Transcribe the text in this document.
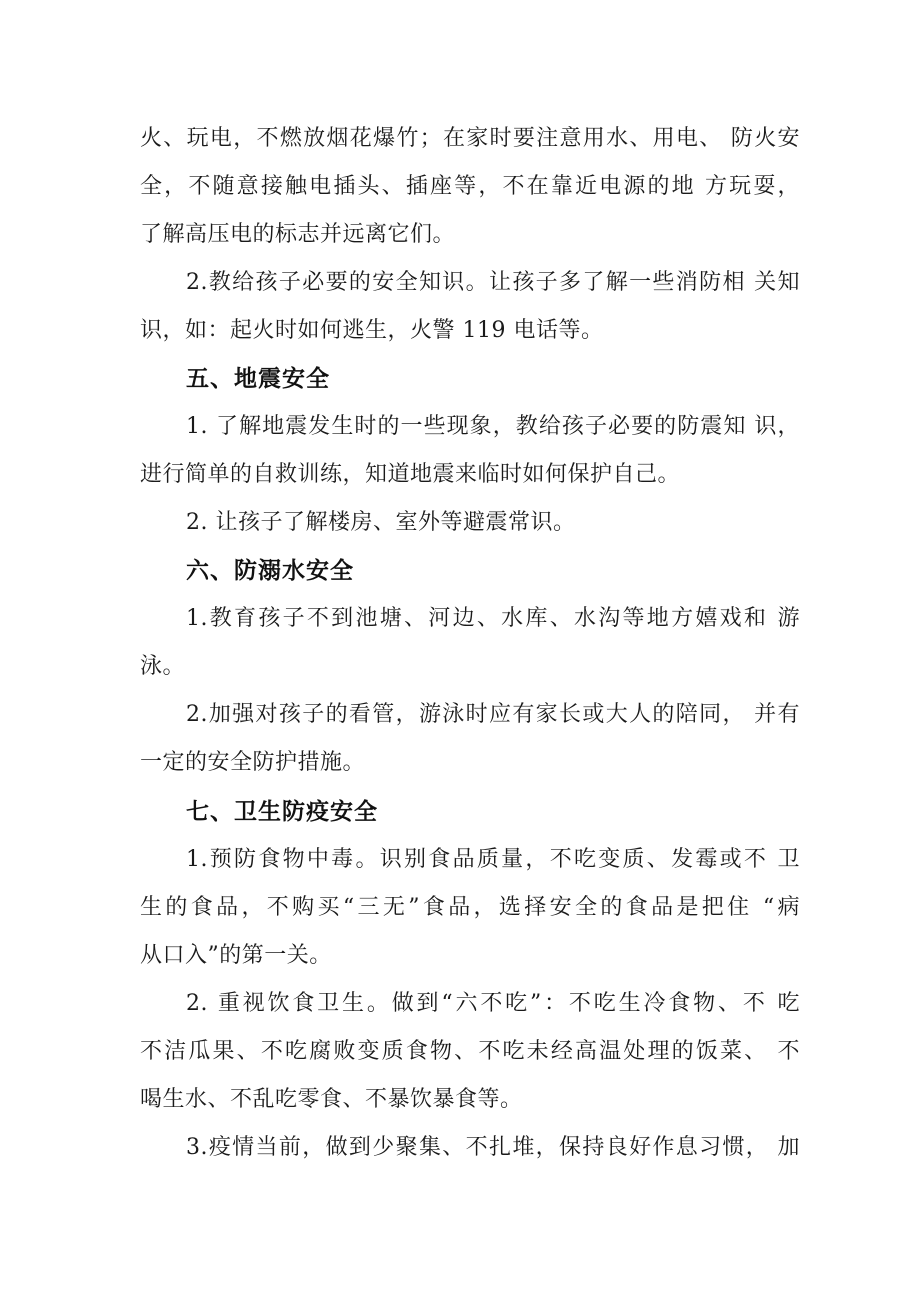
火、玩电，不燃放烟花爆竹；在家时要注意用水、用电、 防火安
全，不随意接触电插头、插座等，不在靠近电源的地 方玩耍，
了解高压电的标志并远离它们。
2.教给孩子必要的安全知识。让孩子多了解一些消防相 关知
识，如：起火时如何逃生，火警 119 电话等。
五、地震安全
1. 了解地震发生时的一些现象，教给孩子必要的防震知 识，
进行简单的自救训练，知道地震来临时如何保护自己。
2. 让孩子了解楼房、室外等避震常识。
六、防溺水安全
1.教育孩子不到池塘、河边、水库、水沟等地方嬉戏和 游
泳。
2.加强对孩子的看管，游泳时应有家长或大人的陪同， 并有
一定的安全防护措施。
七、卫生防疫安全
1.预防食物中毒。识别食品质量，不吃变质、发霉或不 卫
生的食品，不购买“三无”食品，选择安全的食品是把住 “病
从口入”的第一关。
2. 重视饮食卫生。做到“六不吃”：不吃生冷食物、不 吃
不洁瓜果、不吃腐败变质食物、不吃未经高温处理的饭菜、 不
喝生水、不乱吃零食、不暴饮暴食等。
3.疫情当前，做到少聚集、不扎堆，保持良好作息习惯， 加
